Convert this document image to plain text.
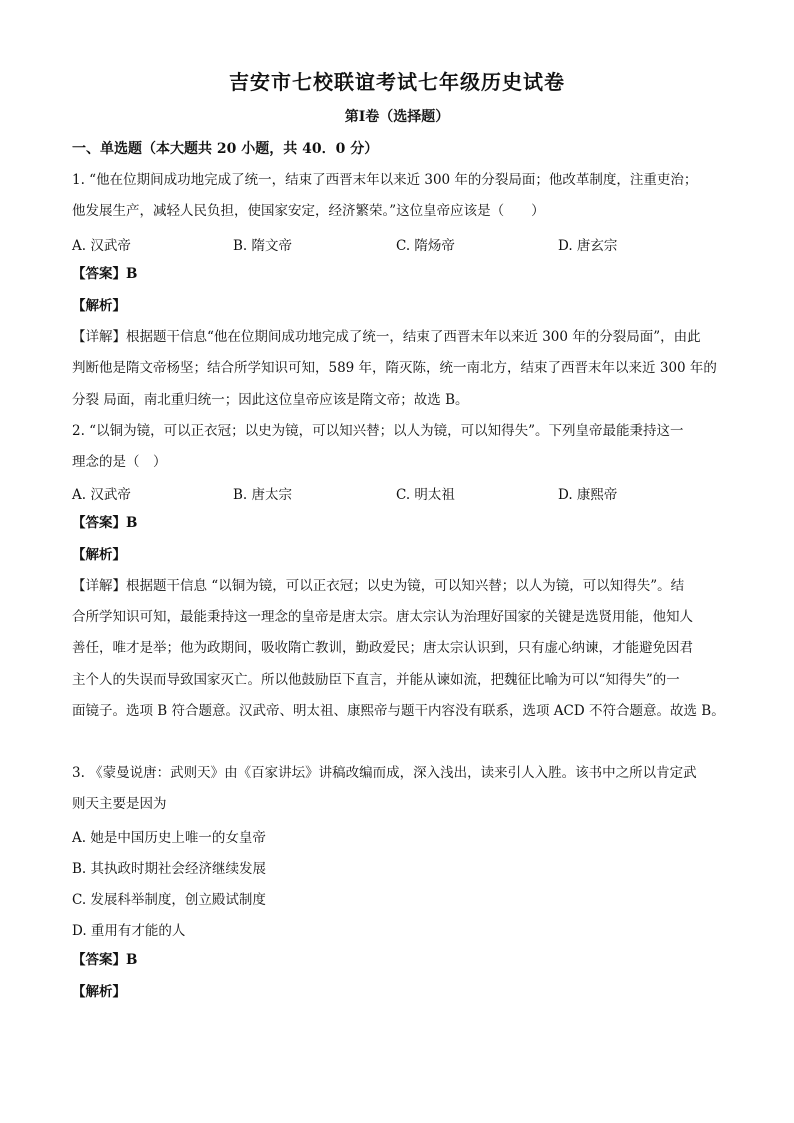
吉安市七校联谊考试七年级历史试卷
第Ⅰ卷（选择题）
一、单选题（本大题共 20 小题，共 40．0 分）
1. “他在位期间成功地完成了统一，结束了西晋末年以来近 300 年的分裂局面；他改革制度，注重吏治；
他发展生产，减轻人民负担，使国家安定，经济繁荣。”这位皇帝应该是（　　）
A. 汉武帝	B. 隋文帝	C. 隋炀帝	D. 唐玄宗
【答案】B
【解析】
【详解】根据题干信息“他在位期间成功地完成了统一，结束了西晋末年以来近 300 年的分裂局面”，由此
判断他是隋文帝杨坚；结合所学知识可知，589 年，隋灭陈，统一南北方，结束了西晋末年以来近 300 年的
分裂 局面，南北重归统一；因此这位皇帝应该是隋文帝；故选 B。
2. “以铜为镜，可以正衣冠；以史为镜，可以知兴替；以人为镜，可以知得失”。下列皇帝最能秉持这一
理念的是（　）
A. 汉武帝	B. 唐太宗	C. 明太祖	D. 康熙帝
【答案】B
【解析】
【详解】根据题干信息 “以铜为镜，可以正衣冠；以史为镜，可以知兴替；以人为镜，可以知得失”。结
合所学知识可知，最能秉持这一理念的皇帝是唐太宗。唐太宗认为治理好国家的关键是选贤用能，他知人
善任，唯才是举；他为政期间，吸收隋亡教训，勤政爱民；唐太宗认识到，只有虚心纳谏，才能避免因君
主个人的失误而导致国家灭亡。所以他鼓励臣下直言，并能从谏如流，把魏征比喻为可以“知得失”的一
面镜子。选项 B 符合题意。汉武帝、明太祖、康熙帝与题干内容没有联系，选项 ACD 不符合题意。故选 B。
3. 《蒙曼说唐：武则天》由《百家讲坛》讲稿改编而成，深入浅出，读来引人入胜。该书中之所以肯定武
则天主要是因为
A. 她是中国历史上唯一的女皇帝
B. 其执政时期社会经济继续发展
C. 发展科举制度，创立殿试制度
D. 重用有才能的人
【答案】B
【解析】
